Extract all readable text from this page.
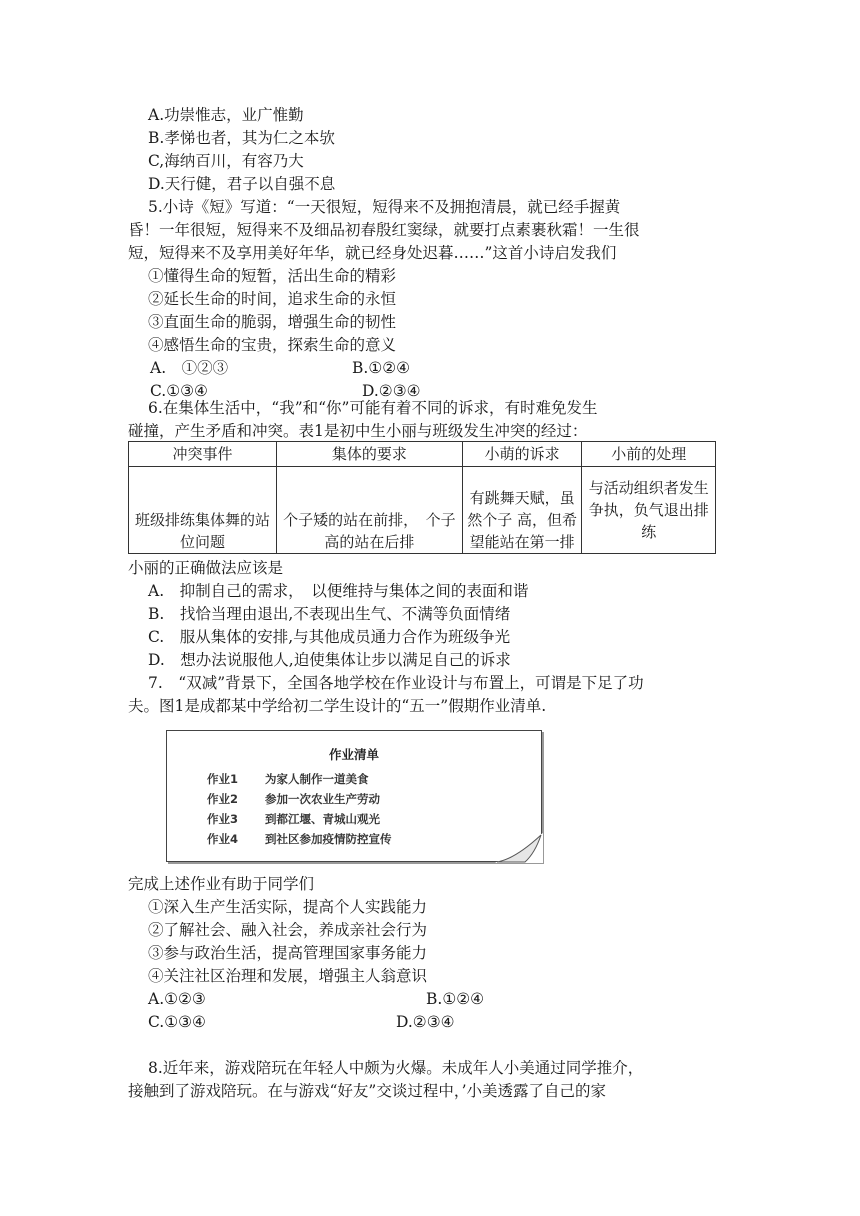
A.功崇惟志，业广惟勤
B.孝悌也者，其为仁之本欤
C,海纳百川，有容乃大
D.天行健，君子以自强不息
5.小诗《短》写道：“一天很短，短得来不及拥抱清晨，就已经手握黄
昏！一年很短，短得来不及细品初春殷红窦绿，就要打点素裹秋霜！一生很
短，短得来不及享用美好年华，就已经身处迟暮……”这首小诗启发我们
①懂得生命的短暂，活出生命的精彩
②延长生命的时间，追求生命的永恒
③直面生命的脆弱，增强生命的韧性
④感悟生命的宝贵，探索生命的意义
A.　①②③	B.①②④
C.①③④	D.②③④
6.在集体生活中，“我”和“你”可能有着不同的诉求，有时难免发生
碰撞，产生矛盾和冲突。表1是初中生小丽与班级发生冲突的经过：
冲突事件	集体的要求	小萌的诉求	小前的处理
班级排练集体舞的站位问题	个子矮的站在前排，　个子高的站在后排	有跳舞天赋，虽然个子 高，但希望能站在第一排	与活动组织者发生 争执，负气退出排练
小丽的正确做法应该是
A.　抑制自己的需求，　以便维持与集体之间的表面和谐
B.　找恰当理由退出,不表现出生气、不满等负面情绪
C.　服从集体的安排,与其他成员通力合作为班级争光
D.　想办法说服他人,迫使集体让步以满足自己的诉求
7.　“双减”背景下，全国各地学校在作业设计与布置上，可谓是下足了功
夫。图1是成都某中学给初二学生设计的“五一”假期作业清单.
作业清单
作业1 为家人制作一道美食
作业2 参加一次农业生产劳动
作业3 到都江堰、青城山观光
作业4 到社区参加疫情防控宣传
完成上述作业有助于同学们
①深入生产生活实际，提高个人实践能力
②了解社会、融入社会，养成亲社会行为
③参与政治生活，提高管理国家事务能力
④关注社区治理和发展，增强主人翁意识
A.①②③	B.①②④
C.①③④	D.②③④
8.近年来，游戏陪玩在年轻人中颇为火爆。未成年人小美通过同学推介，
接触到了游戏陪玩。在与游戏“好友”交谈过程中，’小美透露了自己的家
